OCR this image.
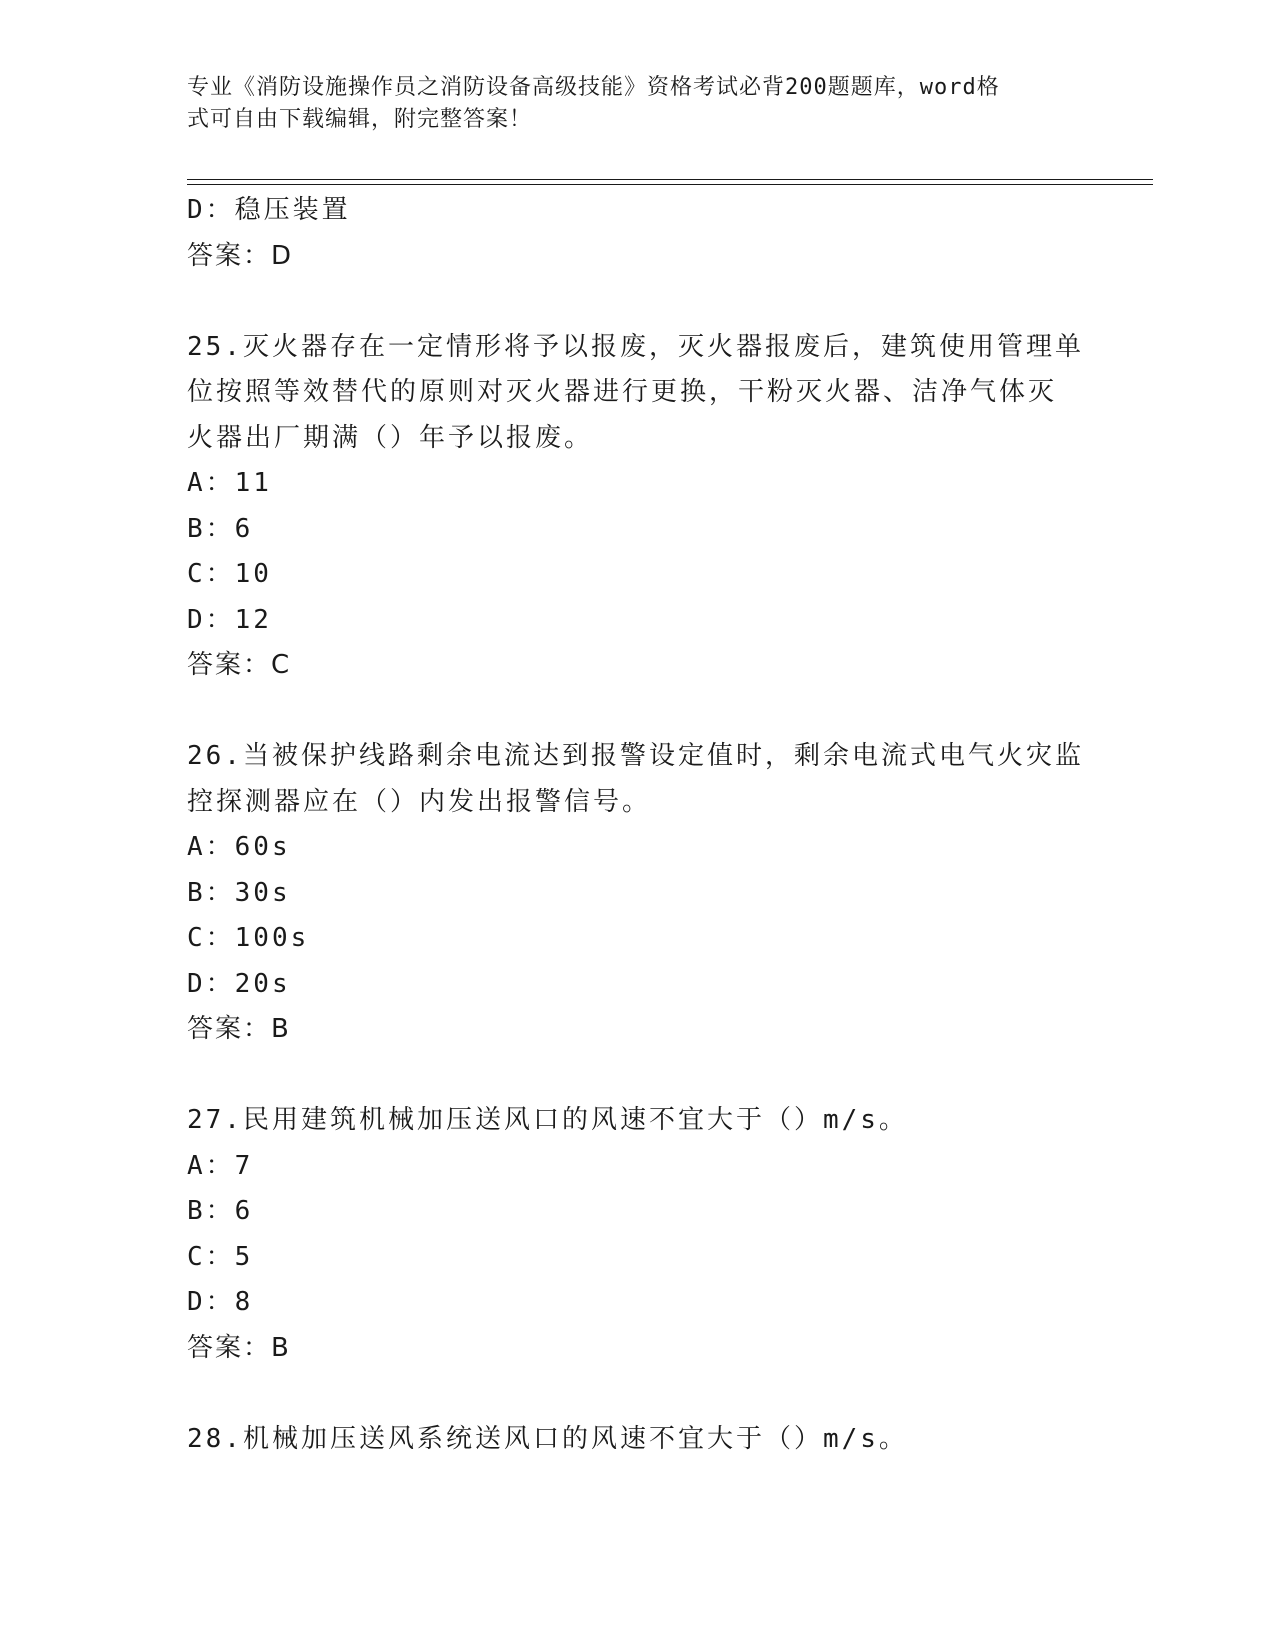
专业《消防设施操作员之消防设备高级技能》资格考试必背200题题库，word格
式可自由下载编辑，附完整答案！
D：稳压装置
答案：D
25.灭火器存在一定情形将予以报废，灭火器报废后，建筑使用管理单
位按照等效替代的原则对灭火器进行更换，干粉灭火器、洁净气体灭
火器出厂期满（）年予以报废。
A：11
B：6
C：10
D：12
答案：C
26.当被保护线路剩余电流达到报警设定值时，剩余电流式电气火灾监
控探测器应在（）内发出报警信号。
A：60s
B：30s
C：100s
D：20s
答案：B
27.民用建筑机械加压送风口的风速不宜大于（）m/s。
A：7
B：6
C：5
D：8
答案：B
28.机械加压送风系统送风口的风速不宜大于（）m/s。
